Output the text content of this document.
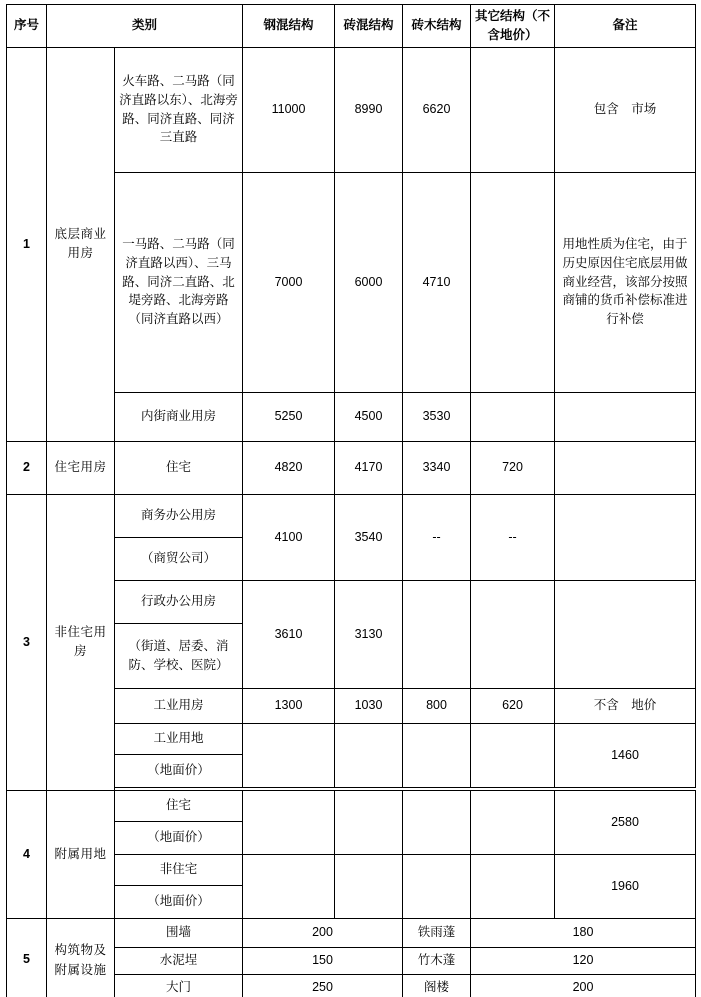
序号	类别		钢混结构	砖混结构	砖木结构	其它结构（不含地价）	备注
1	底层商业用房	火车路、二马路（同济直路以东）、北海旁路、同济直路、同济三直路	11000	8990	6620		包含　市场
		一马路、二马路（同济直路以西）、三马路、同济二直路、北堤旁路、北海旁路（同济直路以西）	7000	6000	4710		用地性质为住宅，由于历史原因住宅底层用做商业经营，该部分按照商铺的货币补偿标准进行补偿
		内街商业用房	5250	4500	3530		
2	住宅用房	住宅	4820	4170	3340	720	
3	非住宅用房	商务办公用房	4100	3540	--	--	
		（商贸公司）					
		行政办公用房	3610	3130			
		（街道、居委、消防、学校、医院）					
		工业用房	1300	1030	800	620	不含　地价
		工业用地					1460
		（地面价）					

4	附属用地	住宅					2580
		（地面价）					
		非住宅					1960
		（地面价）					
5	构筑物及附属设施	围墙	200		铁雨蓬	180	
		水泥埕	150		竹木蓬	120	
		大门	250		阁楼	200	
